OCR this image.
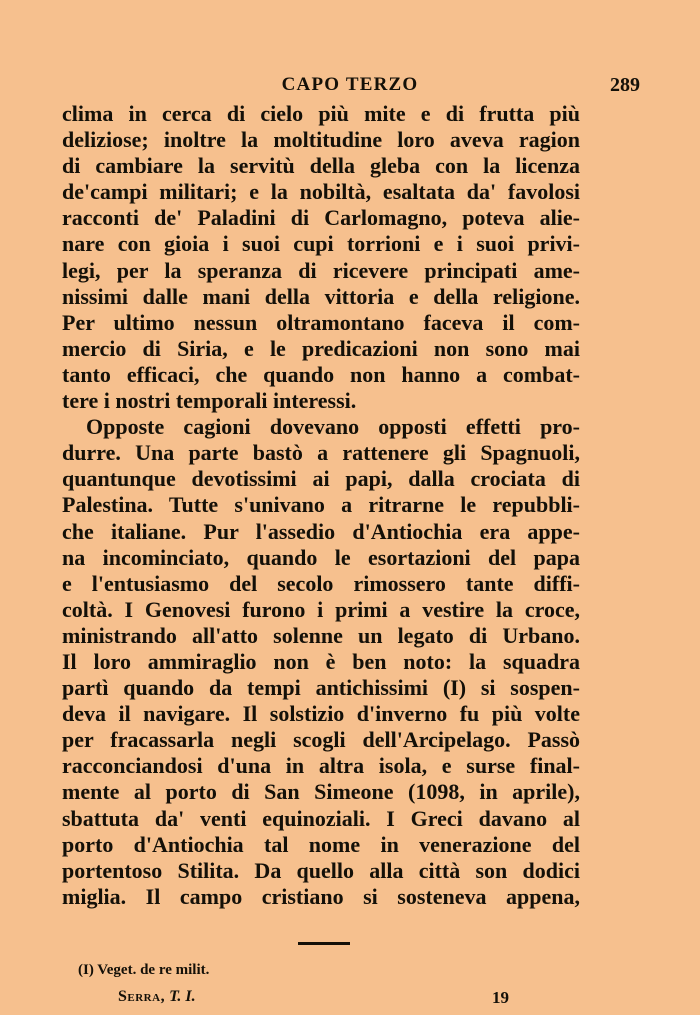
CAPO TERZO	289
clima in cerca di cielo più mite e di frutta più
deliziose; inoltre la moltitudine loro aveva ragion
di cambiare la servitù della gleba con la licenza
de'campi militari; e la nobiltà, esaltata da' favolosi
racconti de' Paladini di Carlomagno, poteva alie-
nare con gioia i suoi cupi torrioni e i suoi privi-
legi, per la speranza di ricevere principati ame-
nissimi dalle mani della vittoria e della religione.
Per ultimo nessun oltramontano faceva il com-
mercio di Siria, e le predicazioni non sono mai
tanto efficaci, che quando non hanno a combat-
tere i nostri temporali interessi.
Opposte cagioni dovevano opposti effetti pro-
durre. Una parte bastò a rattenere gli Spagnuoli,
quantunque devotissimi ai papi, dalla crociata di
Palestina. Tutte s'univano a ritrarne le repubbli-
che italiane. Pur l'assedio d'Antiochia era appe-
na incominciato, quando le esortazioni del papa
e l'entusiasmo del secolo rimossero tante diffi-
coltà. I Genovesi furono i primi a vestire la croce,
ministrando all'atto solenne un legato di Urbano.
Il loro ammiraglio non è ben noto: la squadra
partì quando da tempi antichissimi (I) si sospen-
deva il navigare. Il solstizio d'inverno fu più volte
per fracassarla negli scogli dell'Arcipelago. Passò
racconciandosi d'una in altra isola, e surse final-
mente al porto di San Simeone (1098, in aprile),
sbattuta da' venti equinoziali. I Greci davano al
porto d'Antiochia tal nome in venerazione del
portentoso Stilita. Da quello alla città son dodici
miglia. Il campo cristiano si sosteneva appena,
(I) Veget. de re milit.
Serra, T. I.	19
